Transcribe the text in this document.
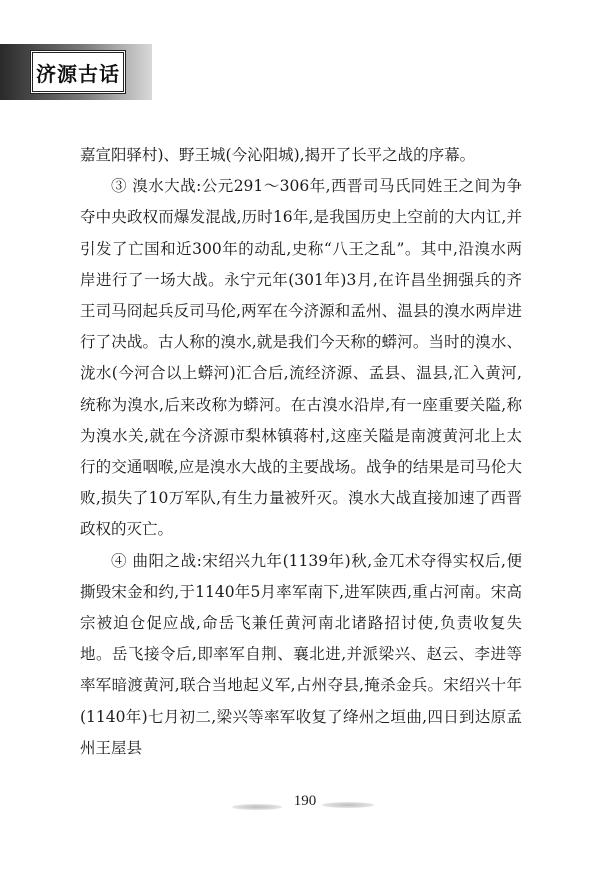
济源古话

嘉宣阳驿村)、野王城(今沁阳城),揭开了长平之战的序幕。

③ 溴水大战:公元291～306年,西晋司马氏同姓王之间为争夺中央政权而爆发混战,历时16年,是我国历史上空前的大内讧,并引发了亡国和近300年的动乱,史称“八王之乱”。其中,沿溴水两岸进行了一场大战。永宁元年(301年)3月,在许昌坐拥强兵的齐王司马冏起兵反司马伦,两军在今济源和孟州、温县的溴水两岸进行了决战。古人称的溴水,就是我们今天称的蟒河。当时的溴水、泷水(今河合以上蟒河)汇合后,流经济源、孟县、温县,汇入黄河,统称为溴水,后来改称为蟒河。在古溴水沿岸,有一座重要关隘,称为溴水关,就在今济源市梨林镇蒋村,这座关隘是南渡黄河北上太行的交通咽喉,应是溴水大战的主要战场。战争的结果是司马伦大败,损失了10万军队,有生力量被歼灭。溴水大战直接加速了西晋政权的灭亡。

④ 曲阳之战:宋绍兴九年(1139年)秋,金兀术夺得实权后,便撕毁宋金和约,于1140年5月率军南下,进军陕西,重占河南。宋高宗被迫仓促应战,命岳飞兼任黄河南北诸路招讨使,负责收复失地。岳飞接令后,即率军自荆、襄北进,并派梁兴、赵云、李进等率军暗渡黄河,联合当地起义军,占州夺县,掩杀金兵。宋绍兴十年(1140年)七月初二,梁兴等率军收复了绛州之垣曲,四日到达原孟州王屋县

190
